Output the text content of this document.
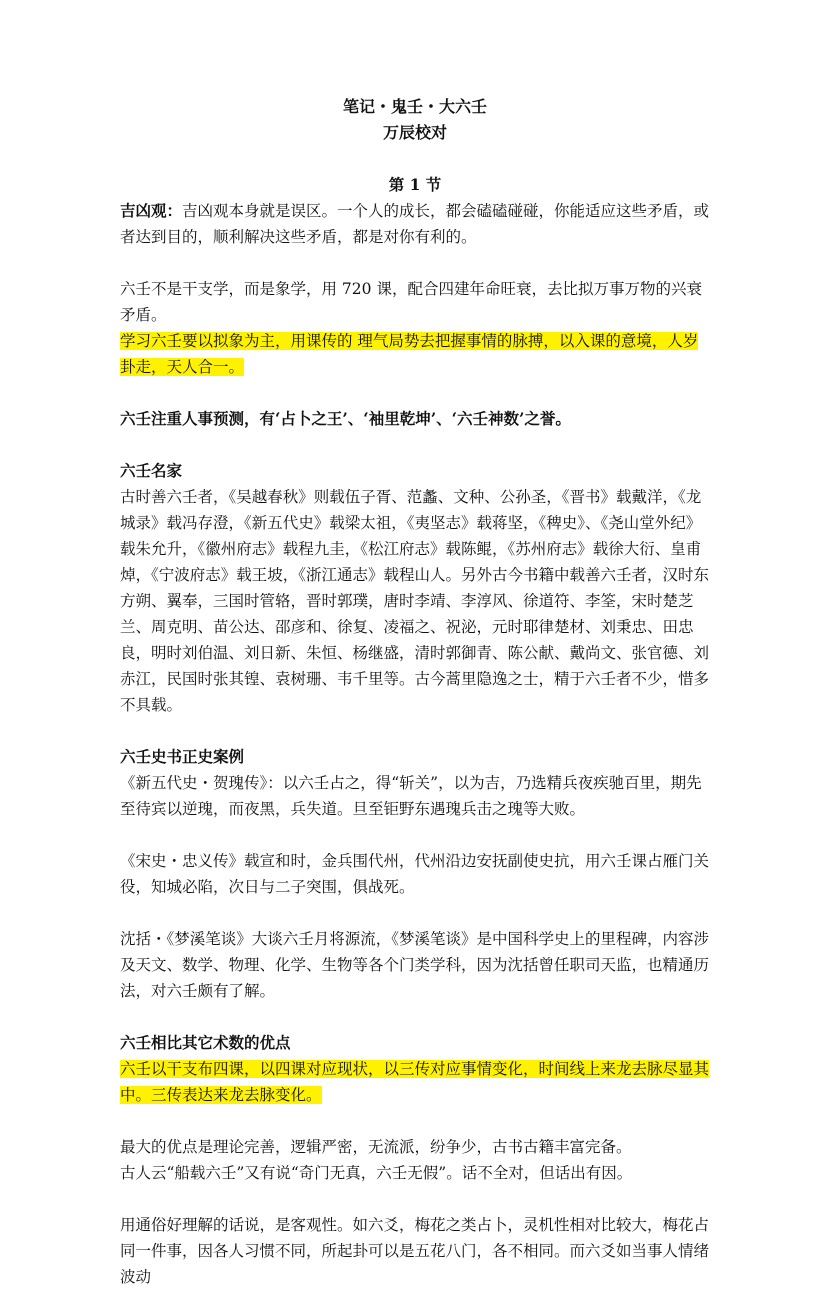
笔记・鬼壬・大六壬
万辰校对
第 1 节

吉凶观：吉凶观本身就是误区。一个人的成长，都会磕磕碰碰，你能适应这些矛盾，或者达到目的，顺利解决这些矛盾，都是对你有利的。

六壬不是干支学，而是象学，用 720 课，配合四建年命旺衰，去比拟万事万物的兴衰矛盾。

学习六壬要以拟象为主，用课传的 理气局势去把握事情的脉搏，以入课的意境，人岁卦走，天人合一。

六壬注重人事预测，有‘占卜之王’、‘袖里乾坤’、‘六壬神数’之誉。

六壬名家

古时善六壬者，《吴越春秋》则载伍子胥、范蠡、文种、公孙圣，《晋书》载戴洋，《龙城录》载冯存澄，《新五代史》载梁太祖，《夷坚志》载蒋坚，《稗史》、《尧山堂外纪》载朱允升，《徽州府志》载程九圭，《松江府志》载陈鲲，《苏州府志》载徐大衍、皇甫焯，《宁波府志》载王坡，《浙江通志》载程山人。另外古今书籍中载善六壬者，汉时东方朔、翼奉，三国时管辂，晋时郭璞，唐时李靖、李淳风、徐道符、李筌，宋时楚芝兰、周克明、苗公达、邵彦和、徐复、凌福之、祝泌，元时耶律楚材、刘秉忠、田忠良，明时刘伯温、刘日新、朱恒、杨继盛，清时郭御青、陈公献、戴尚文、张官德、刘赤江，民国时张其锽、袁树珊、韦千里等。古今蒿里隐逸之士，精于六壬者不少，惜多不具载。

六壬史书正史案例

《新五代史・贺瑰传》：以六壬占之，得“斩关”，以为吉，乃选精兵夜疾驰百里，期先至待宾以逆瑰，而夜黑，兵失道。旦至钜野东遇瑰兵击之瑰等大败。

《宋史・忠义传》载宣和时，金兵围代州，代州沿边安抚副使史抗，用六壬课占雁门关役，知城必陷，次日与二子突围，俱战死。

沈括・《梦溪笔谈》大谈六壬月将源流，《梦溪笔谈》是中国科学史上的里程碑，内容涉及天文、数学、物理、化学、生物等各个门类学科，因为沈括曾任职司天监，也精通历法，对六壬颇有了解。

六壬相比其它术数的优点

六壬以干支布四课，以四课对应现状，以三传对应事情变化，时间线上来龙去脉尽显其中。三传表达来龙去脉变化。

最大的优点是理论完善，逻辑严密，无流派，纷争少，古书古籍丰富完备。

古人云“船载六壬”又有说“奇门无真，六壬无假”。话不全对，但话出有因。

用通俗好理解的话说，是客观性。如六爻，梅花之类占卜，灵机性相对比较大，梅花占同一件事，因各人习惯不同，所起卦可以是五花八门，各不相同。而六爻如当事人情绪波动
